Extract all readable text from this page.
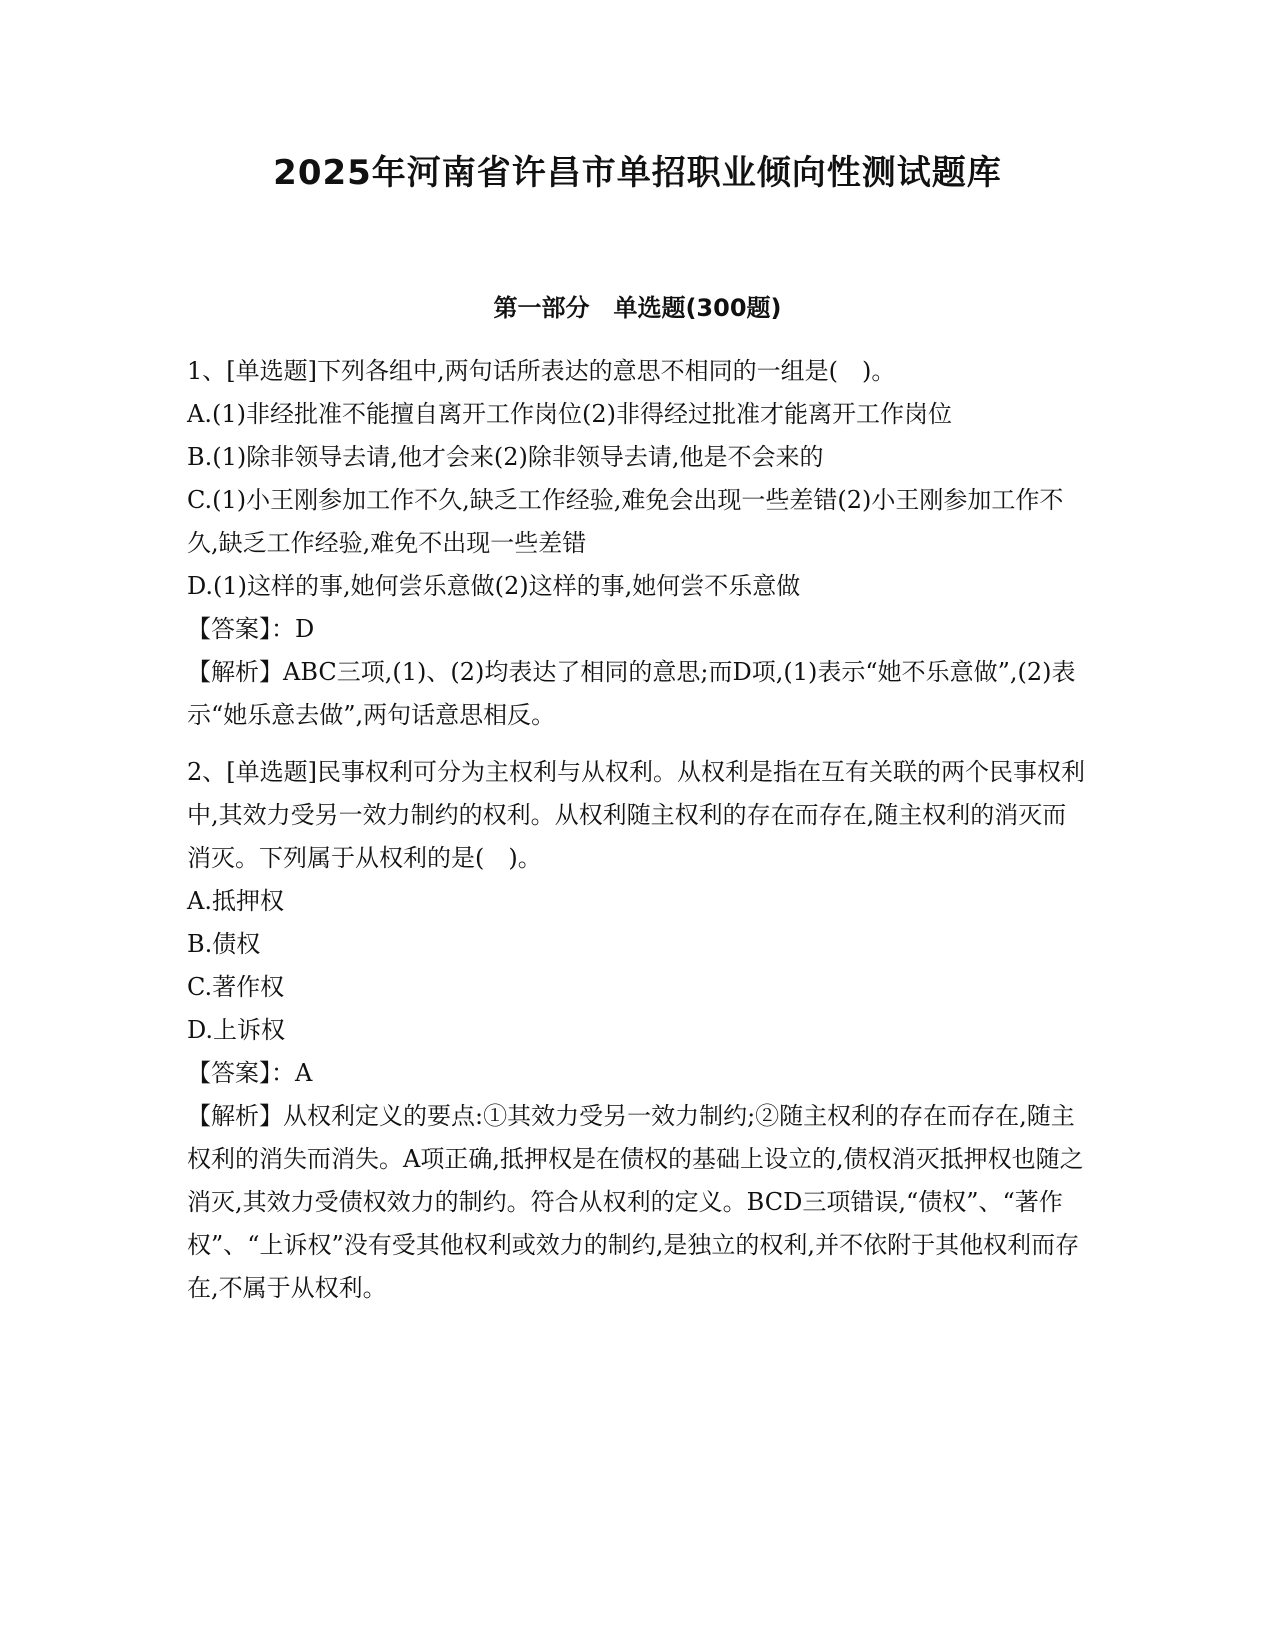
2025年河南省许昌市单招职业倾向性测试题库
第一部分　单选题(300题)

1、[单选题]下列各组中,两句话所表达的意思不相同的一组是(　)。

A.(1)非经批准不能擅自离开工作岗位(2)非得经过批准才能离开工作岗位

B.(1)除非领导去请,他才会来(2)除非领导去请,他是不会来的

C.(1)小王刚参加工作不久,缺乏工作经验,难免会出现一些差错(2)小王刚参加工作不久,缺乏工作经验,难免不出现一些差错

D.(1)这样的事,她何尝乐意做(2)这样的事,她何尝不乐意做

【答案】：D

【解析】ABC三项,(1)、(2)均表达了相同的意思;而D项,(1)表示“她不乐意做”,(2)表示“她乐意去做”,两句话意思相反。

2、[单选题]民事权利可分为主权利与从权利。从权利是指在互有关联的两个民事权利中,其效力受另一效力制约的权利。从权利随主权利的存在而存在,随主权利的消灭而消灭。下列属于从权利的是(　)。

A.抵押权

B.债权

C.著作权

D.上诉权

【答案】：A

【解析】从权利定义的要点:①其效力受另一效力制约;②随主权利的存在而存在,随主权利的消失而消失。A项正确,抵押权是在债权的基础上设立的,债权消灭抵押权也随之消灭,其效力受债权效力的制约。符合从权利的定义。BCD三项错误,“债权”、“著作权”、“上诉权”没有受其他权利或效力的制约,是独立的权利,并不依附于其他权利而存在,不属于从权利。
